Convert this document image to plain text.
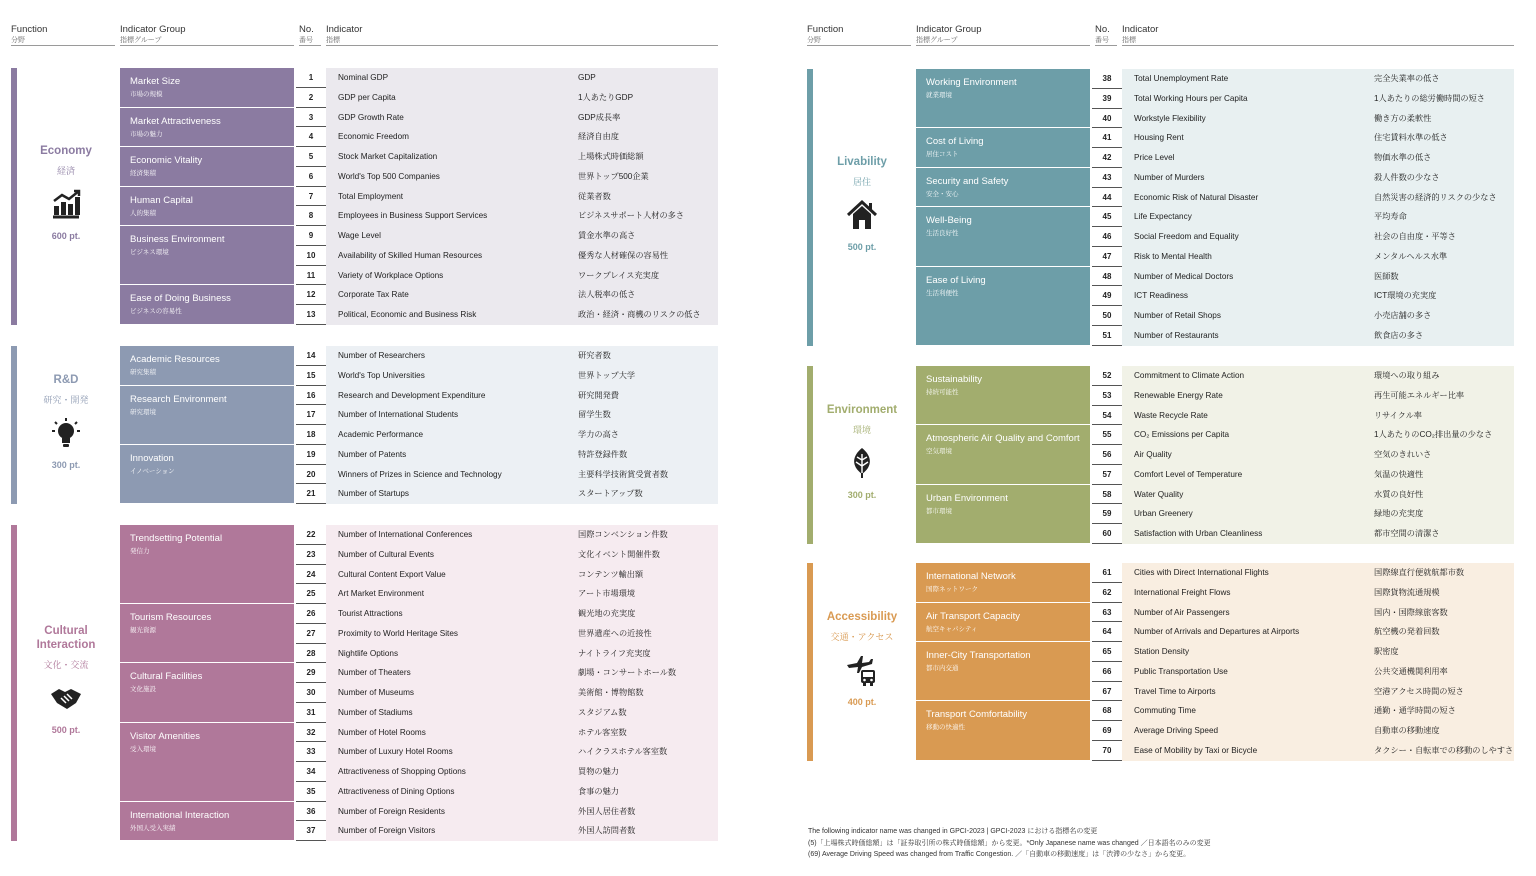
Function
分野
Indicator Group
指標グループ
No.
番号
Indicator
指標
Function
分野
Indicator Group
指標グループ
No.
番号
Indicator
指標
Economy
経済
600 pt.
Market Size
市場の規模
1	Nominal GDP	GDP
2	GDP per Capita	1人あたりGDP
Market Attractiveness
市場の魅力
3	GDP Growth Rate	GDP成長率
4	Economic Freedom	経済自由度
Economic Vitality
経済集積
5	Stock Market Capitalization	上場株式時価総額
6	World's Top 500 Companies	世界トップ500企業
Human Capital
人的集積
7	Total Employment	従業者数
8	Employees in Business Support Services	ビジネスサポート人材の多さ
Business Environment
ビジネス環境
9	Wage Level	賃金水準の高さ
10	Availability of Skilled Human Resources	優秀な人材確保の容易性
11	Variety of Workplace Options	ワークプレイス充実度
Ease of Doing Business
ビジネスの容易性
12	Corporate Tax Rate	法人税率の低さ
13	Political, Economic and Business Risk	政治・経済・商機のリスクの低さ
R&D
研究・開発
300 pt.
Academic Resources
研究集積
14	Number of Researchers	研究者数
15	World's Top Universities	世界トップ大学
Research Environment
研究環境
16	Research and Development Expenditure	研究開発費
17	Number of International Students	留学生数
18	Academic Performance	学力の高さ
Innovation
イノベーション
19	Number of Patents	特許登録件数
20	Winners of Prizes in Science and Technology	主要科学技術賞受賞者数
21	Number of Startups	スタートアップ数
Cultural
Interaction
文化・交流
500 pt.
Trendsetting Potential
発信力
22	Number of International Conferences	国際コンベンション件数
23	Number of Cultural Events	文化イベント開催件数
24	Cultural Content Export Value	コンテンツ輸出額
25	Art Market Environment	アート市場環境
Tourism Resources
観光資源
26	Tourist Attractions	観光地の充実度
27	Proximity to World Heritage Sites	世界遺産への近接性
28	Nightlife Options	ナイトライフ充実度
Cultural Facilities
文化施設
29	Number of Theaters	劇場・コンサートホール数
30	Number of Museums	美術館・博物館数
31	Number of Stadiums	スタジアム数
Visitor Amenities
受入環境
32	Number of Hotel Rooms	ホテル客室数
33	Number of Luxury Hotel Rooms	ハイクラスホテル客室数
34	Attractiveness of Shopping Options	買物の魅力
35	Attractiveness of Dining Options	食事の魅力
International Interaction
外国人受入実績
36	Number of Foreign Residents	外国人居住者数
37	Number of Foreign Visitors	外国人訪問者数
Livability
居住
500 pt.
Working Environment
就業環境
38	Total Unemployment Rate	完全失業率の低さ
39	Total Working Hours per Capita	1人あたりの総労働時間の短さ
40	Workstyle Flexibility	働き方の柔軟性
Cost of Living
居住コスト
41	Housing Rent	住宅賃料水準の低さ
42	Price Level	物価水準の低さ
Security and Safety
安全・安心
43	Number of Murders	殺人件数の少なさ
44	Economic Risk of Natural Disaster	自然災害の経済的リスクの少なさ
Well-Being
生活良好性
45	Life Expectancy	平均寿命
46	Social Freedom and Equality	社会の自由度・平等さ
47	Risk to Mental Health	メンタルヘルス水準
Ease of Living
生活利便性
48	Number of Medical Doctors	医師数
49	ICT Readiness	ICT環境の充実度
50	Number of Retail Shops	小売店舗の多さ
51	Number of Restaurants	飲食店の多さ
Environment
環境
300 pt.
Sustainability
持続可能性
52	Commitment to Climate Action	環境への取り組み
53	Renewable Energy Rate	再生可能エネルギー比率
54	Waste Recycle Rate	リサイクル率
Atmospheric Air Quality and Comfort
空気環境
55	CO₂ Emissions per Capita	1人あたりのCO₂排出量の少なさ
56	Air Quality	空気のきれいさ
57	Comfort Level of Temperature	気温の快適性
Urban Environment
都市環境
58	Water Quality	水質の良好性
59	Urban Greenery	緑地の充実度
60	Satisfaction with Urban Cleanliness	都市空間の清潔さ
Accessibility
交通・アクセス
400 pt.
International Network
国際ネットワーク
61	Cities with Direct International Flights	国際線直行便就航都市数
62	International Freight Flows	国際貨物流通規模
Air Transport Capacity
航空キャパシティ
63	Number of Air Passengers	国内・国際線旅客数
64	Number of Arrivals and Departures at Airports	航空機の発着回数
Inner-City Transportation
都市内交通
65	Station Density	駅密度
66	Public Transportation Use	公共交通機関利用率
67	Travel Time to Airports	空港アクセス時間の短さ
Transport Comfortability
移動の快適性
68	Commuting Time	通勤・通学時間の短さ
69	Average Driving Speed	自動車の移動速度
70	Ease of Mobility by Taxi or Bicycle	タクシー・自転車での移動のしやすさ
The following indicator name was changed in GPCI-2023 | GPCI-2023 における指標名の変更
(5)「上場株式時価総額」は「証券取引所の株式時価総額」から変更。*Only Japanese name was changed ／日本語名のみの変更
(69) Average Driving Speed was changed from Traffic Congestion. ／「自動車の移動速度」は「渋滞の少なさ」から変更。
